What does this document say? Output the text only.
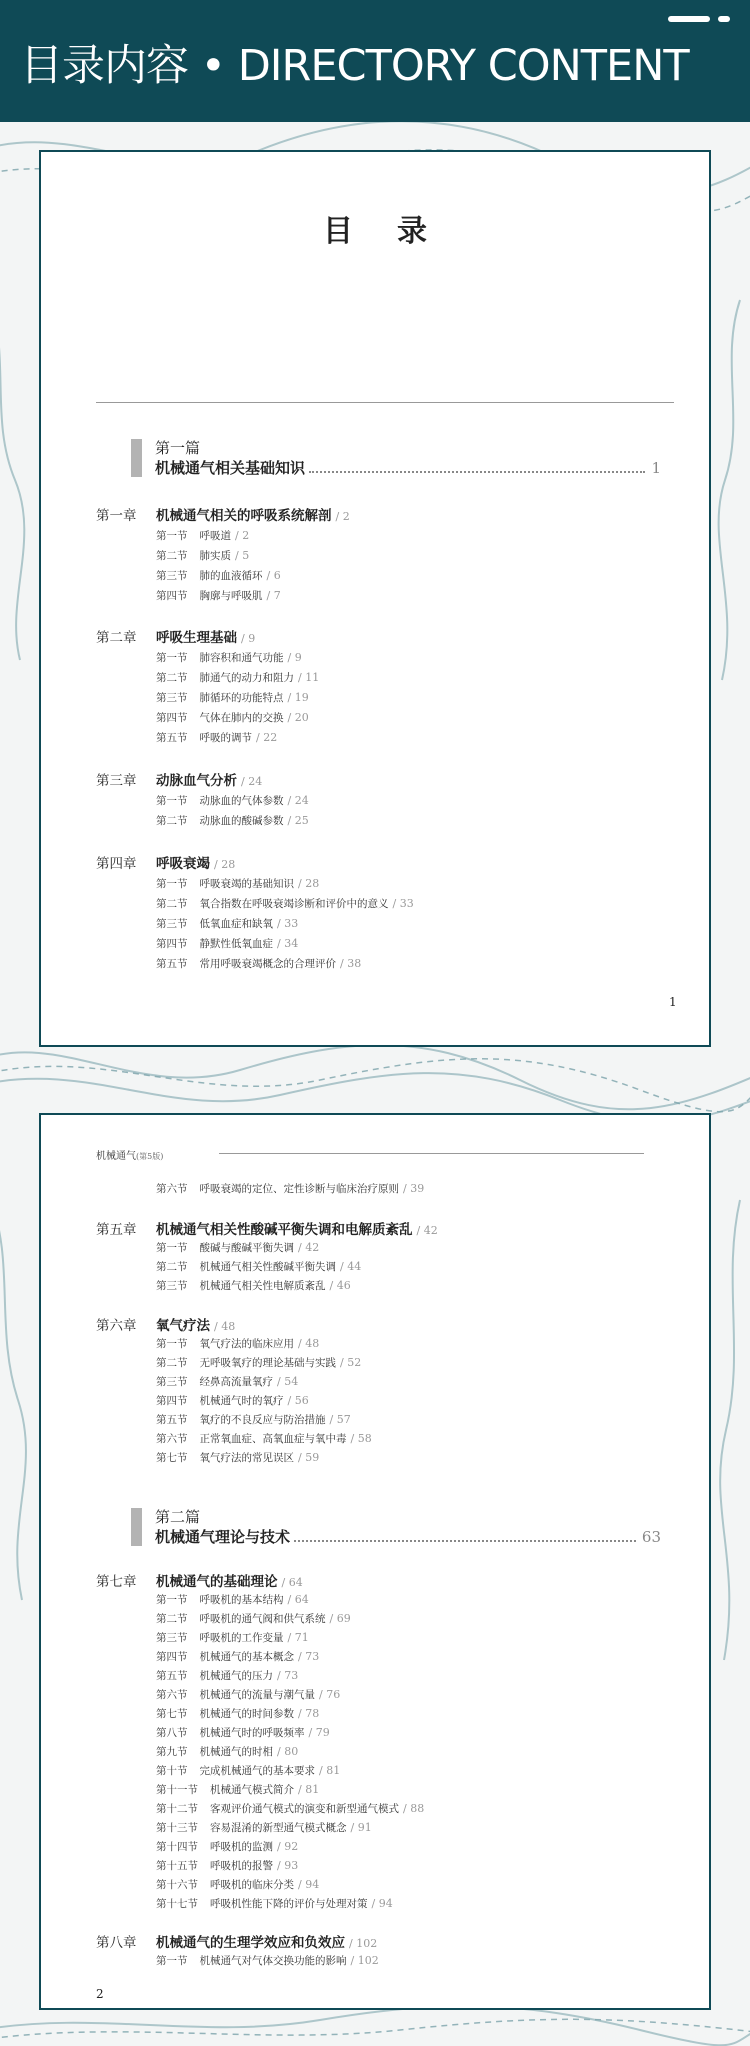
目录内容 • DIRECTORY CONTENT
目录
第一篇
机械通气相关基础知识	1
第一章 机械通气相关的呼吸系统解剖 / 2
第一节 呼吸道 / 2
第二节 肺实质 / 5
第三节 肺的血液循环 / 6
第四节 胸廓与呼吸肌 / 7
第二章 呼吸生理基础 / 9
第一节 肺容积和通气功能 / 9
第二节 肺通气的动力和阻力 / 11
第三节 肺循环的功能特点 / 19
第四节 气体在肺内的交换 / 20
第五节 呼吸的调节 / 22
第三章 动脉血气分析 / 24
第一节 动脉血的气体参数 / 24
第二节 动脉血的酸碱参数 / 25
第四章 呼吸衰竭 / 28
第一节 呼吸衰竭的基础知识 / 28
第二节 氧合指数在呼吸衰竭诊断和评价中的意义 / 33
第三节 低氧血症和缺氧 / 33
第四节 静默性低氧血症 / 34
第五节 常用呼吸衰竭概念的合理评价 / 38
1
机械通气(第5版)
第六节 呼吸衰竭的定位、定性诊断与临床治疗原则 / 39
第五章 机械通气相关性酸碱平衡失调和电解质紊乱 / 42
第一节 酸碱与酸碱平衡失调 / 42
第二节 机械通气相关性酸碱平衡失调 / 44
第三节 机械通气相关性电解质紊乱 / 46
第六章 氧气疗法 / 48
第一节 氧气疗法的临床应用 / 48
第二节 无呼吸氧疗的理论基础与实践 / 52
第三节 经鼻高流量氧疗 / 54
第四节 机械通气时的氧疗 / 56
第五节 氧疗的不良反应与防治措施 / 57
第六节 正常氧血症、高氧血症与氧中毒 / 58
第七节 氧气疗法的常见误区 / 59
第二篇
机械通气理论与技术	63
第七章 机械通气的基础理论 / 64
第一节 呼吸机的基本结构 / 64
第二节 呼吸机的通气阀和供气系统 / 69
第三节 呼吸机的工作变量 / 71
第四节 机械通气的基本概念 / 73
第五节 机械通气的压力 / 73
第六节 机械通气的流量与潮气量 / 76
第七节 机械通气的时间参数 / 78
第八节 机械通气时的呼吸频率 / 79
第九节 机械通气的时相 / 80
第十节 完成机械通气的基本要求 / 81
第十一节 机械通气模式简介 / 81
第十二节 客观评价通气模式的演变和新型通气模式 / 88
第十三节 容易混淆的新型通气模式概念 / 91
第十四节 呼吸机的监测 / 92
第十五节 呼吸机的报警 / 93
第十六节 呼吸机的临床分类 / 94
第十七节 呼吸机性能下降的评价与处理对策 / 94
第八章 机械通气的生理学效应和负效应 / 102
第一节 机械通气对气体交换功能的影响 / 102
2
